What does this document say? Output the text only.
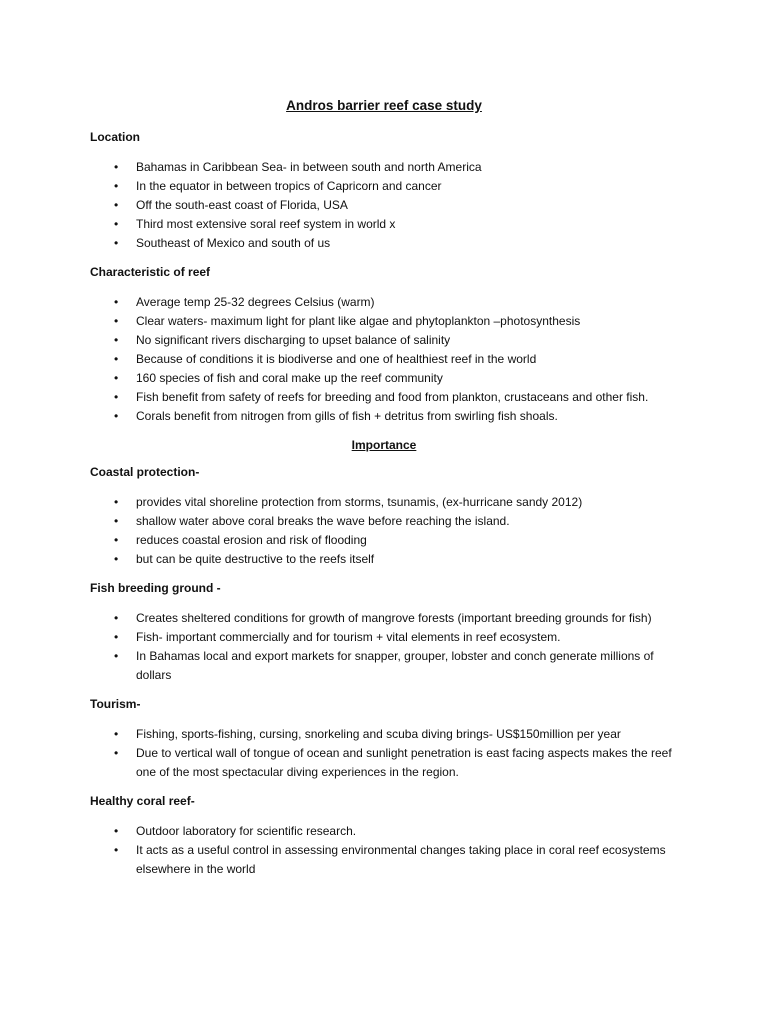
Andros barrier reef case study
Location
• Bahamas in Caribbean Sea- in between south and north America
• In the equator in between tropics of Capricorn and cancer
• Off the south-east coast of Florida, USA
• Third most extensive soral reef system in world x
• Southeast of Mexico and south of us
Characteristic of reef
• Average temp 25-32 degrees Celsius (warm)
• Clear waters- maximum light for plant like algae and phytoplankton –photosynthesis
• No significant rivers discharging to upset balance of salinity
• Because of conditions it is biodiverse and one of healthiest reef in the world
• 160 species of fish and coral make up the reef community
• Fish benefit from safety of reefs for breeding and food from plankton, crustaceans and other fish.
• Corals benefit from nitrogen from gills of fish + detritus from swirling fish shoals.
Importance
Coastal protection-
• provides vital shoreline protection from storms, tsunamis, (ex-hurricane sandy 2012)
• shallow water above coral breaks the wave before reaching the island.
• reduces coastal erosion and risk of flooding
• but can be quite destructive to the reefs itself
Fish breeding ground -
• Creates sheltered conditions for growth of mangrove forests (important breeding grounds for fish)
• Fish- important commercially and for tourism + vital elements in reef ecosystem.
• In Bahamas local and export markets for snapper, grouper, lobster and conch generate millions of dollars
Tourism-
• Fishing, sports-fishing, cursing, snorkeling and scuba diving brings- US$150million per year
• Due to vertical wall of tongue of ocean and sunlight penetration is east facing aspects makes the reef one of the most spectacular diving experiences in the region.
Healthy coral reef-
• Outdoor laboratory for scientific research.
• It acts as a useful control in assessing environmental changes taking place in coral reef ecosystems elsewhere in the world
